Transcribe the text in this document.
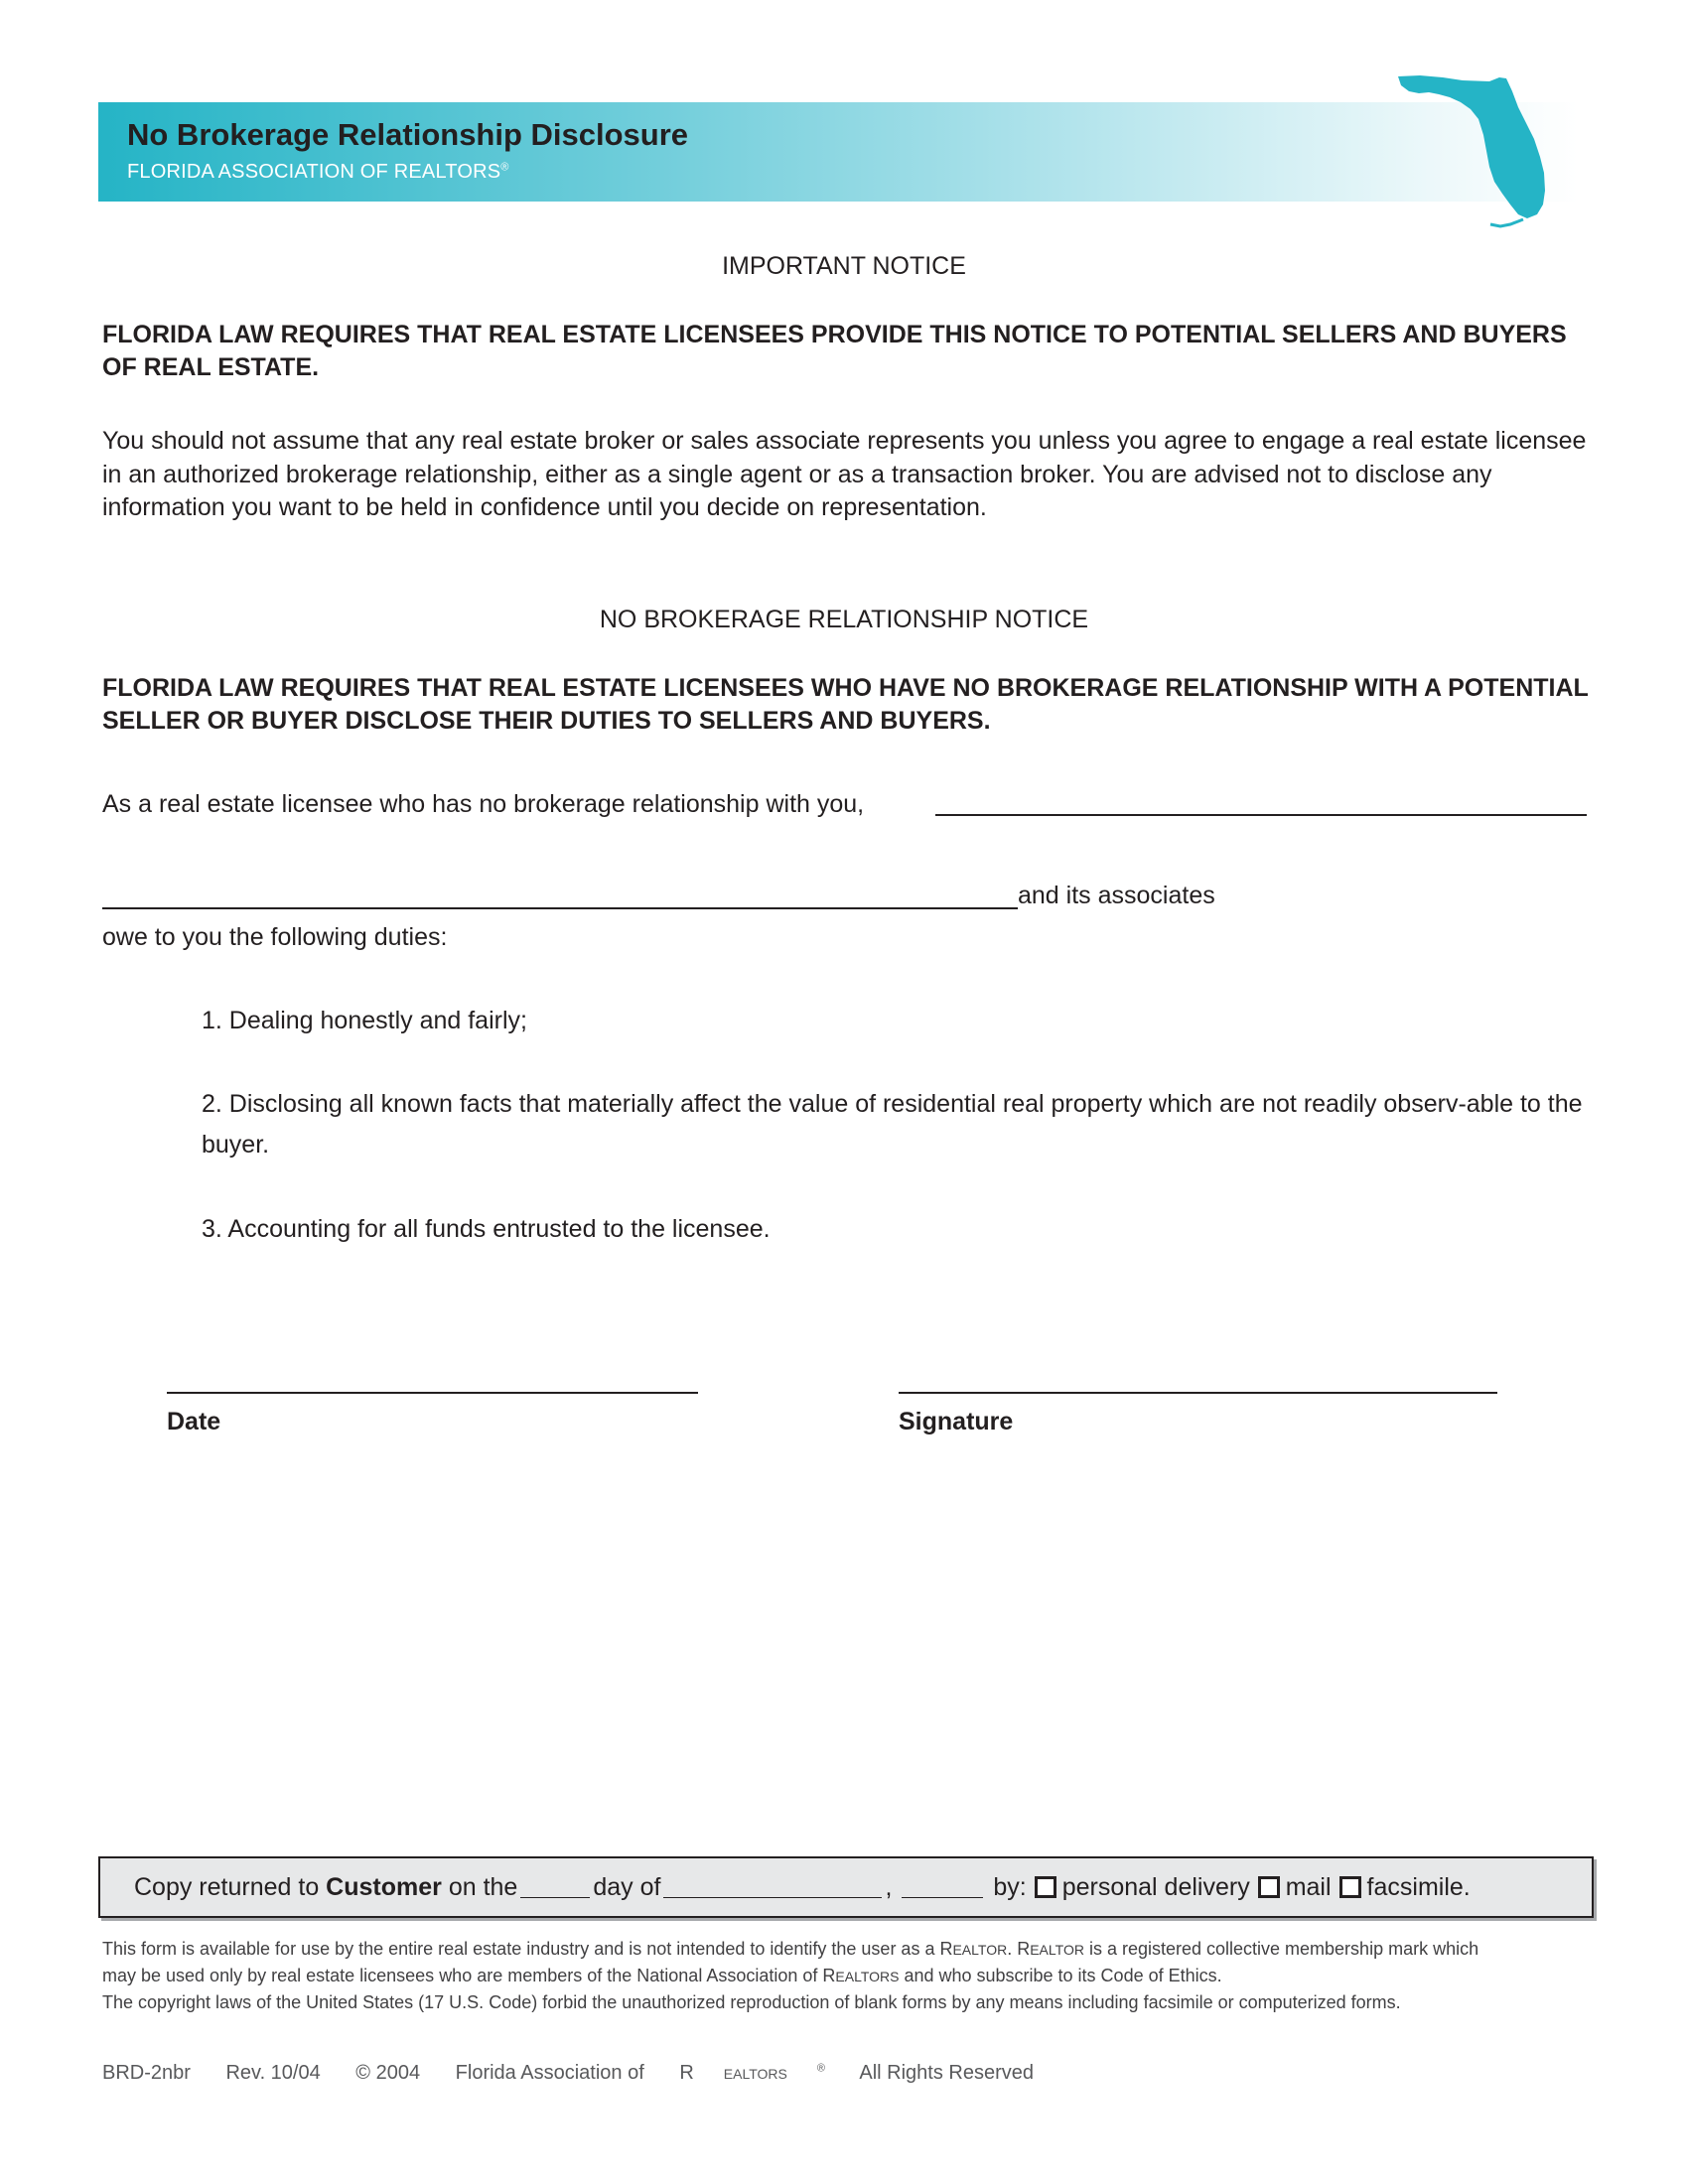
No Brokerage Relationship Disclosure
FLORIDA ASSOCIATION OF REALTORS®
IMPORTANT NOTICE
FLORIDA LAW REQUIRES THAT REAL ESTATE LICENSEES PROVIDE THIS NOTICE TO POTENTIAL SELLERS AND BUYERS OF REAL ESTATE.
You should not assume that any real estate broker or sales associate represents you unless you agree to engage a real estate licensee in an authorized brokerage relationship, either as a single agent or as a transaction broker. You are advised not to disclose any information you want to be held in confidence until you decide on representation.
NO BROKERAGE RELATIONSHIP NOTICE
FLORIDA LAW REQUIRES THAT REAL ESTATE LICENSEES WHO HAVE NO BROKERAGE RELATIONSHIP WITH A POTENTIAL SELLER OR BUYER DISCLOSE THEIR DUTIES TO SELLERS AND BUYERS.
As a real estate licensee who has no brokerage relationship with you,
and its associates
owe to you the following duties:
1. Dealing honestly and fairly;
2. Disclosing all known facts that materially affect the value of residential real property which are not readily observ-able to the buyer.
3. Accounting for all funds entrusted to the licensee.
Date	Signature
Copy returned to
Customer
on the	day of	,
	by: personal delivery mail facsimile.
This form is available for use by the entire real estate industry and is not intended to identify the user as a REALTOR. REALTOR is a registered collective membership mark which
may be used only by real estate licensees who are members of the National Association of REALTORS and who subscribe to its Code of Ethics.
The copyright laws of the United States (17 U.S. Code) forbid the unauthorized reproduction of blank forms by any means including facsimile or computerized forms.
BRD-2nbr Rev. 10/04 © 2004 Florida Association of R EALTORS	® All Rights Reserved
